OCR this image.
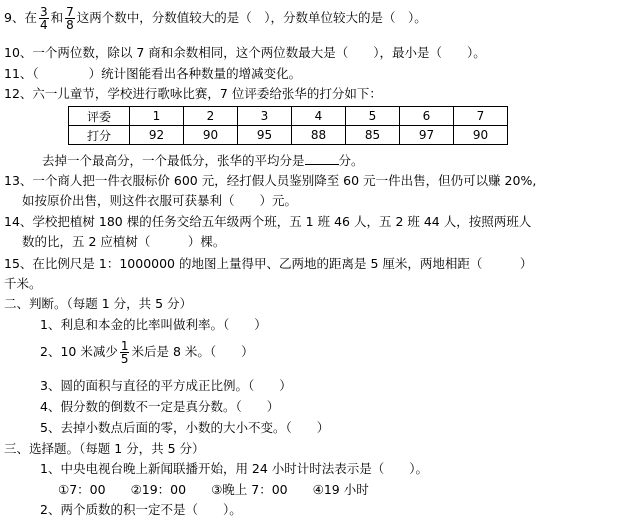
9、在 $\frac{3}{4}$ 和 $\frac{7}{8}$ 这两个数中，分数值较大的是（　），分数单位较大的是（　）。
10、一个两位数，除以 7 商和余数相同，这个两位数最大是（　　），最小是（　　）。
11、（　　　　）统计图能看出各种数量的增减变化。
12、六一儿童节，学校进行歌咏比赛，7 位评委给张华的打分如下：
评委	1	2	3	4	5	6	7
打分	92	90	95	88	85	97	90
去掉一个最高分，一个最低分，张华的平均分是	分。
13、一个商人把一件衣服标价 600 元，经打假人员鉴别降至 60 元一件出售，但仍可以赚 20%,
如按原价出售，则这件衣服可获暴利（　　）元。
14、学校把植树 180 棵的任务交给五年级两个班，五 1 班 46 人，五 2 班 44 人，按照两班人
数的比，五 2 应植树（　　　）棵。
15、在比例尺是 1：1000000 的地图上量得甲、乙两地的距离是 5 厘米，两地相距（　　　）
千米。
二、判断。（每题 1 分，共 5 分）
1、利息和本金的比率叫做利率。（　　）
2、10 米减少 $\frac{1}{5}$ 米后是 8 米。（　　）
3、圆的面积与直径的平方成正比例。（　　）
4、假分数的倒数不一定是真分数。（　　）
5、去掉小数点后面的零，小数的大小不变。（　　）
三、选择题。（每题 1 分，共 5 分）
1、中央电视台晚上新闻联播开始，用 24 小时计时法表示是（　　）。
①7：00　　②19：00　　③晚上 7：00　　④19 小时
2、两个质数的积一定不是（　　）。
